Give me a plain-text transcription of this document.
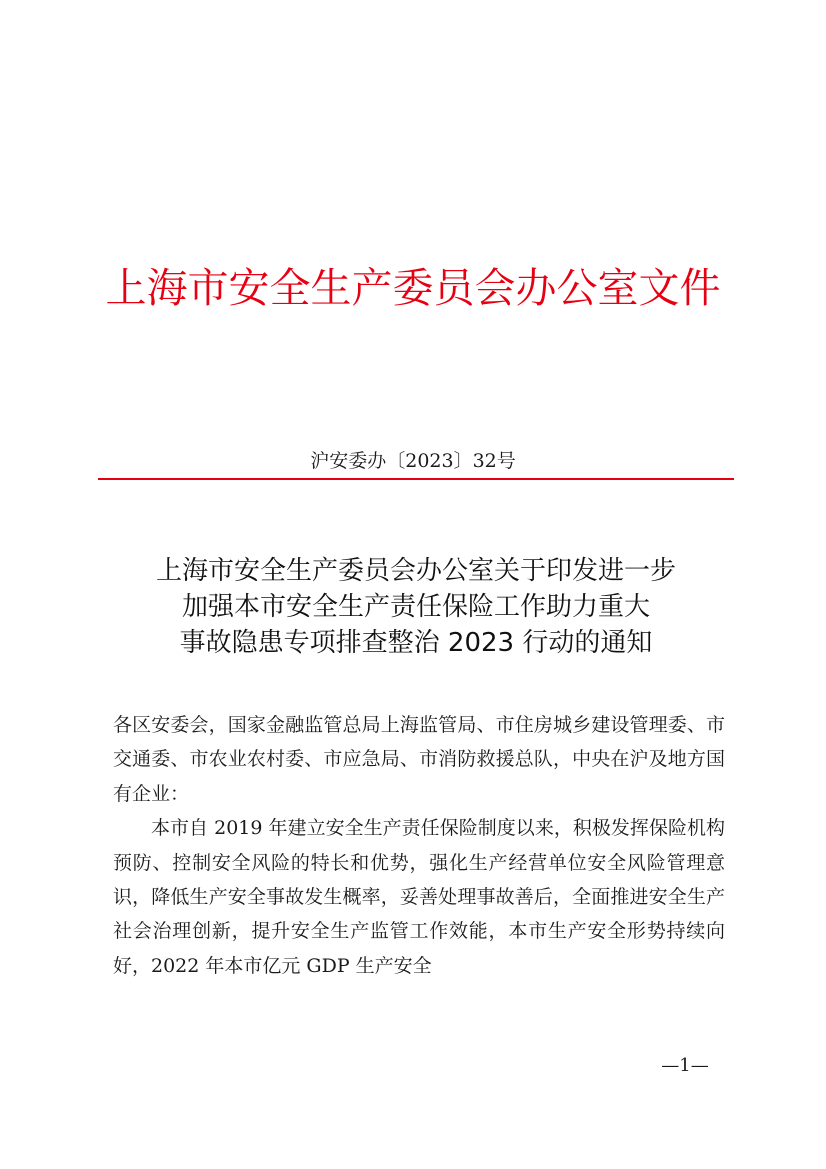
上海市安全生产委员会办公室文件
沪安委办〔2023〕32号
上海市安全生产委员会办公室关于印发进一步
加强本市安全生产责任保险工作助力重大
事故隐患专项排查整治 2023 行动的通知

各区安委会，国家金融监管总局上海监管局、市住房城乡建设管理委、市交通委、市农业农村委、市应急局、市消防救援总队，中央在沪及地方国有企业：

本市自 2019 年建立安全生产责任保险制度以来，积极发挥保险机构预防、控制安全风险的特长和优势，强化生产经营单位安全风险管理意识，降低生产安全事故发生概率，妥善处理事故善后，全面推进安全生产社会治理创新，提升安全生产监管工作效能，本市生产安全形势持续向好，2022 年本市亿元 GDP 生产安全

—1—
